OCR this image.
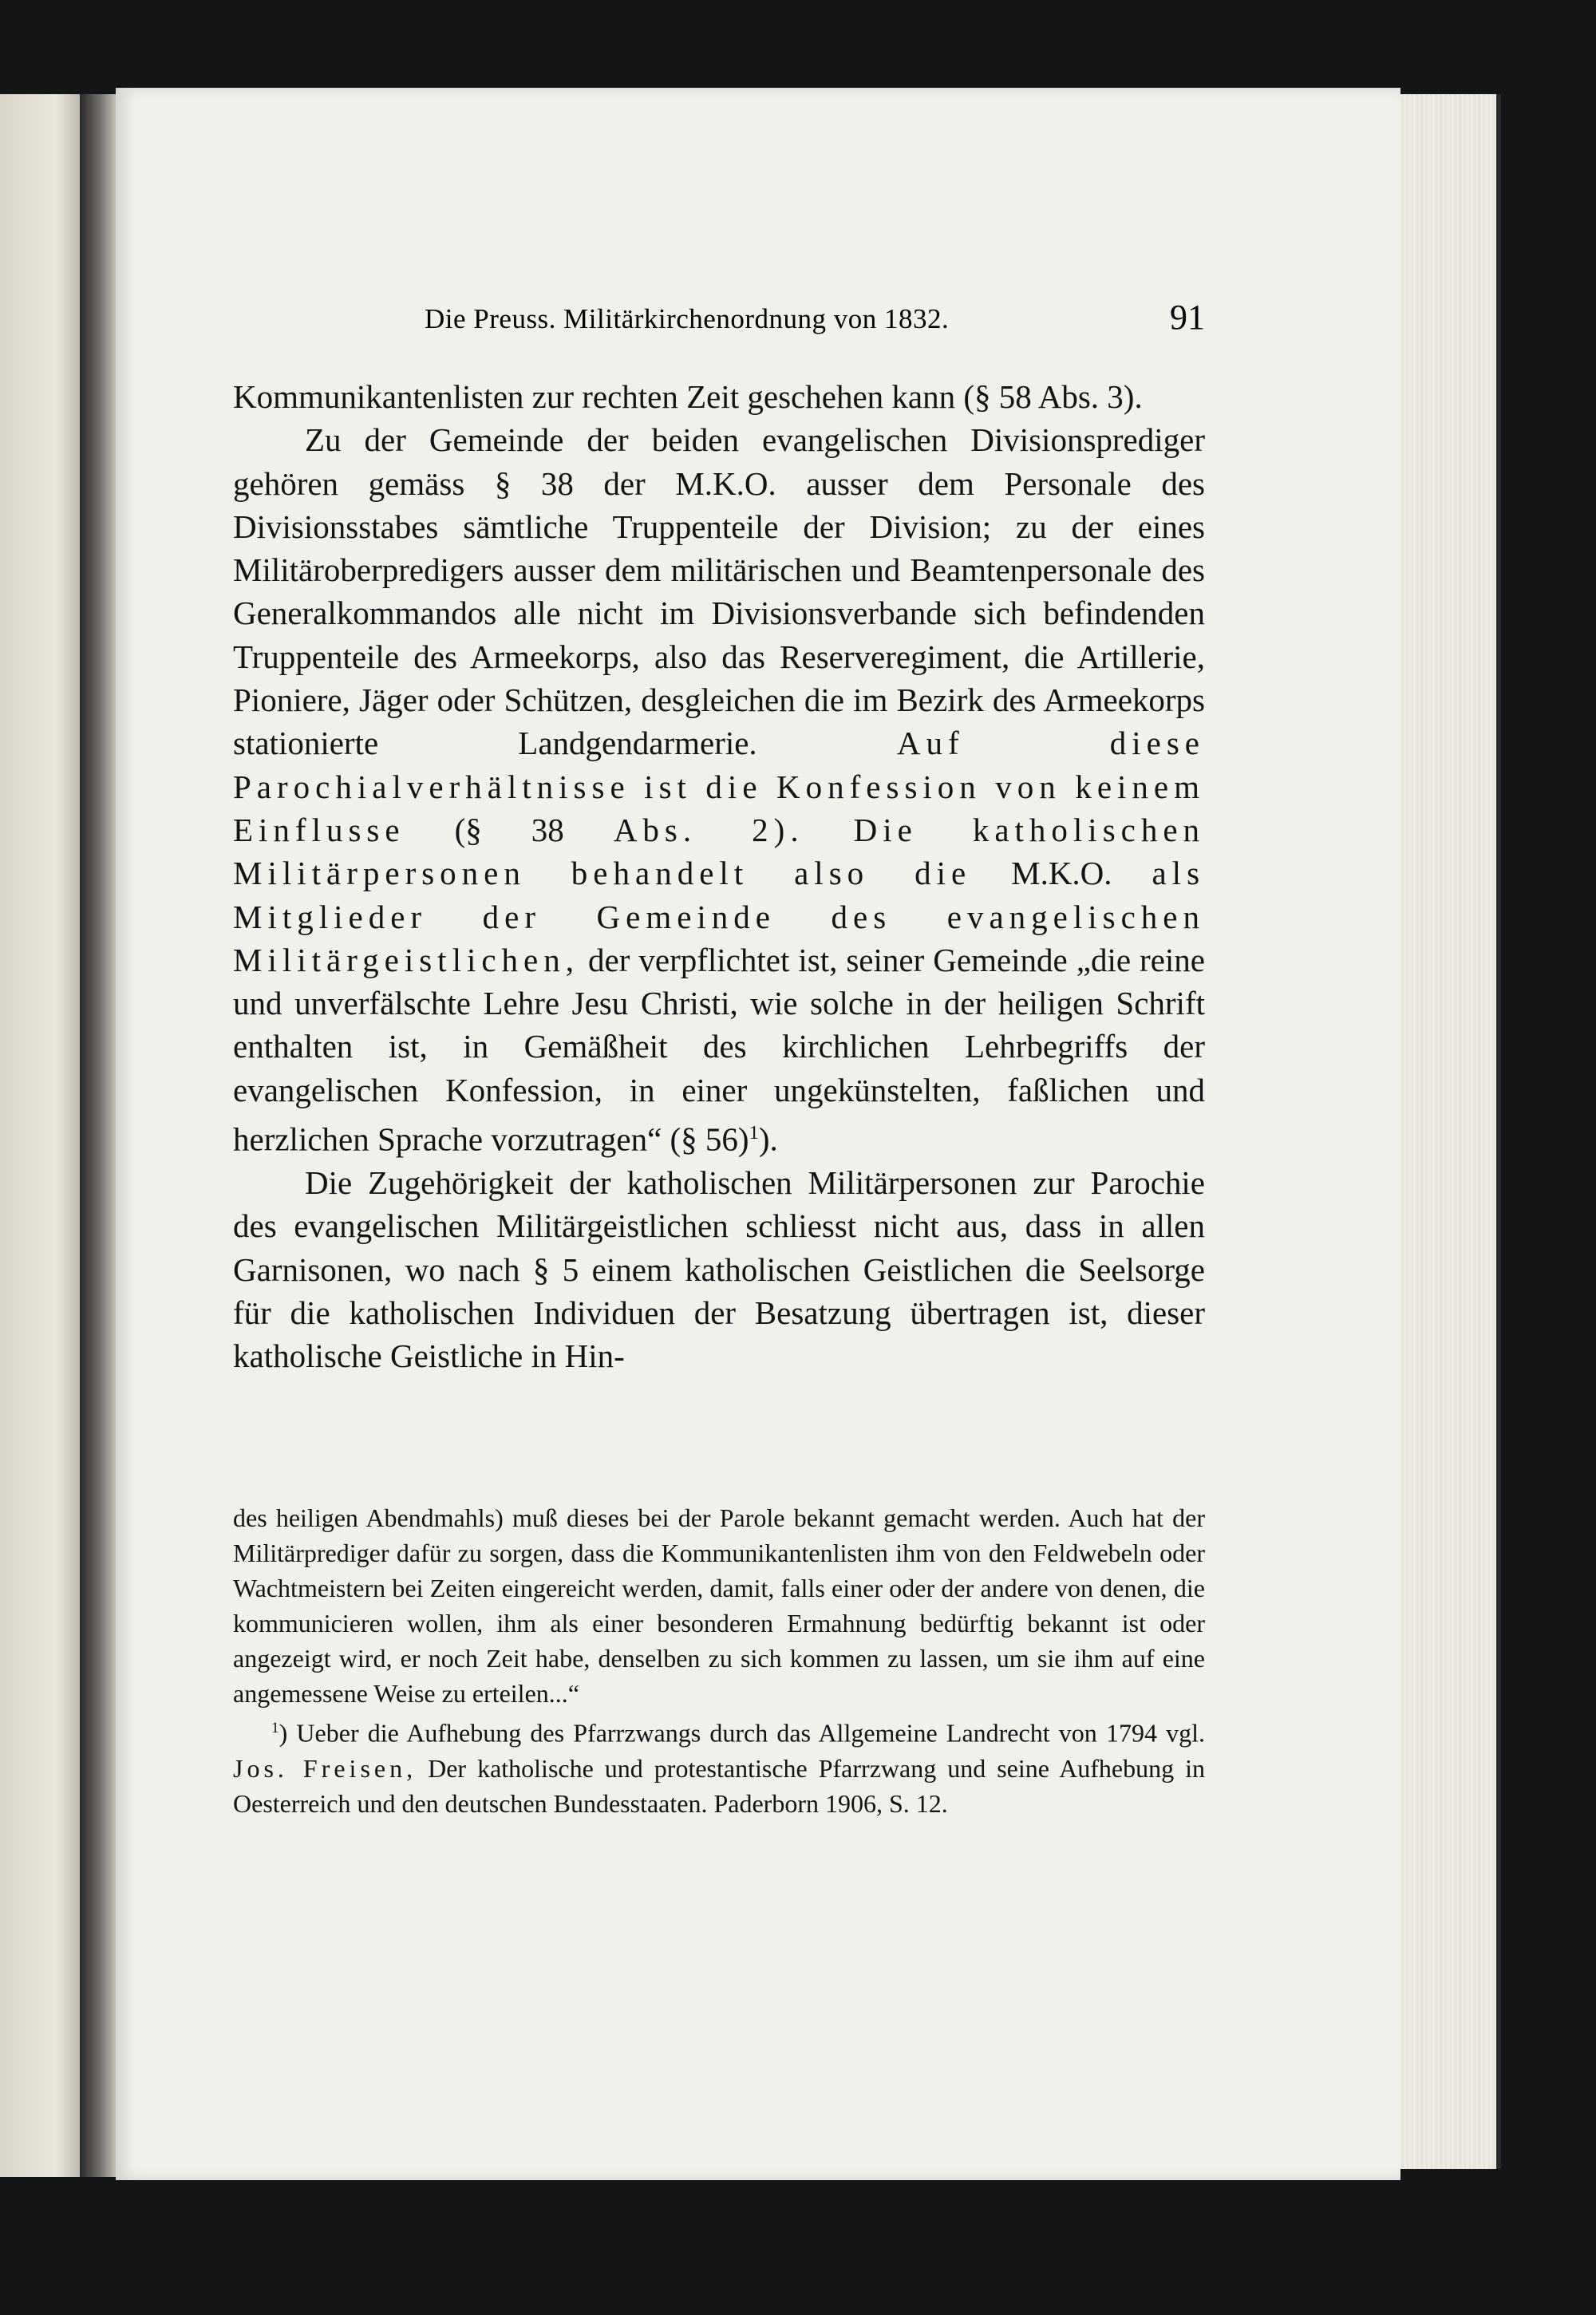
Die Preuss. Militärkirchenordnung von 1832.	91

Kommunikantenlisten zur rechten Zeit geschehen kann (§ 58 Abs. 3).

Zu der Gemeinde der beiden evangelischen Divisionsprediger gehören gemäss § 38 der M.K.O. ausser dem Personale des Divisionsstabes sämtliche Truppenteile der Division; zu der eines Militäroberpredigers ausser dem militärischen und Beamtenpersonale des Generalkommandos alle nicht im Divisionsverbande sich befindenden Truppenteile des Armeekorps, also das Reserveregiment, die Artillerie, Pioniere, Jäger oder Schützen, desgleichen die im Bezirk des Armeekorps stationierte Landgendarmerie.	Auf diese Parochialverhältnisse ist die Konfession von keinem Einflusse (§ 38 Abs. 2). Die katholischen Militärpersonen behandelt also die M.K.O. als Mitglieder der Gemeinde des evangelischen Militärgeistlichen, der verpflichtet ist, seiner Gemeinde „die reine und unverfälschte Lehre Jesu Christi, wie solche in der heiligen Schrift enthalten ist, in Gemäßheit des kirchlichen Lehrbegriffs der evangelischen Konfession, in einer ungekünstelten, faßlichen und herzlichen Sprache vorzutragen“ (§ 56)$^1$).

Die Zugehörigkeit der katholischen Militärpersonen zur Parochie des evangelischen Militärgeistlichen schliesst nicht aus, dass in allen Garnisonen, wo nach § 5 einem katholischen Geistlichen die Seelsorge für die katholischen Individuen der Besatzung übertragen ist, dieser katholische Geistliche in Hin-

des heiligen Abendmahls) muß dieses bei der Parole bekannt gemacht werden. Auch hat der Militärprediger dafür zu sorgen, dass die Kommunikantenlisten ihm von den Feldwebeln oder Wachtmeistern bei Zeiten eingereicht werden, damit, falls einer oder der andere von denen, die kommunicieren wollen, ihm als einer besonderen Ermahnung bedürftig bekannt ist oder angezeigt wird, er noch Zeit habe, denselben zu sich kommen zu lassen, um sie ihm auf eine angemessene Weise zu erteilen...“

$^1$) Ueber die Aufhebung des Pfarrzwangs durch das Allgemeine Landrecht von 1794 vgl. Jos. Freisen, Der katholische und protestantische Pfarrzwang und seine Aufhebung in Oesterreich und den deutschen Bundesstaaten. Paderborn 1906, S. 12.
